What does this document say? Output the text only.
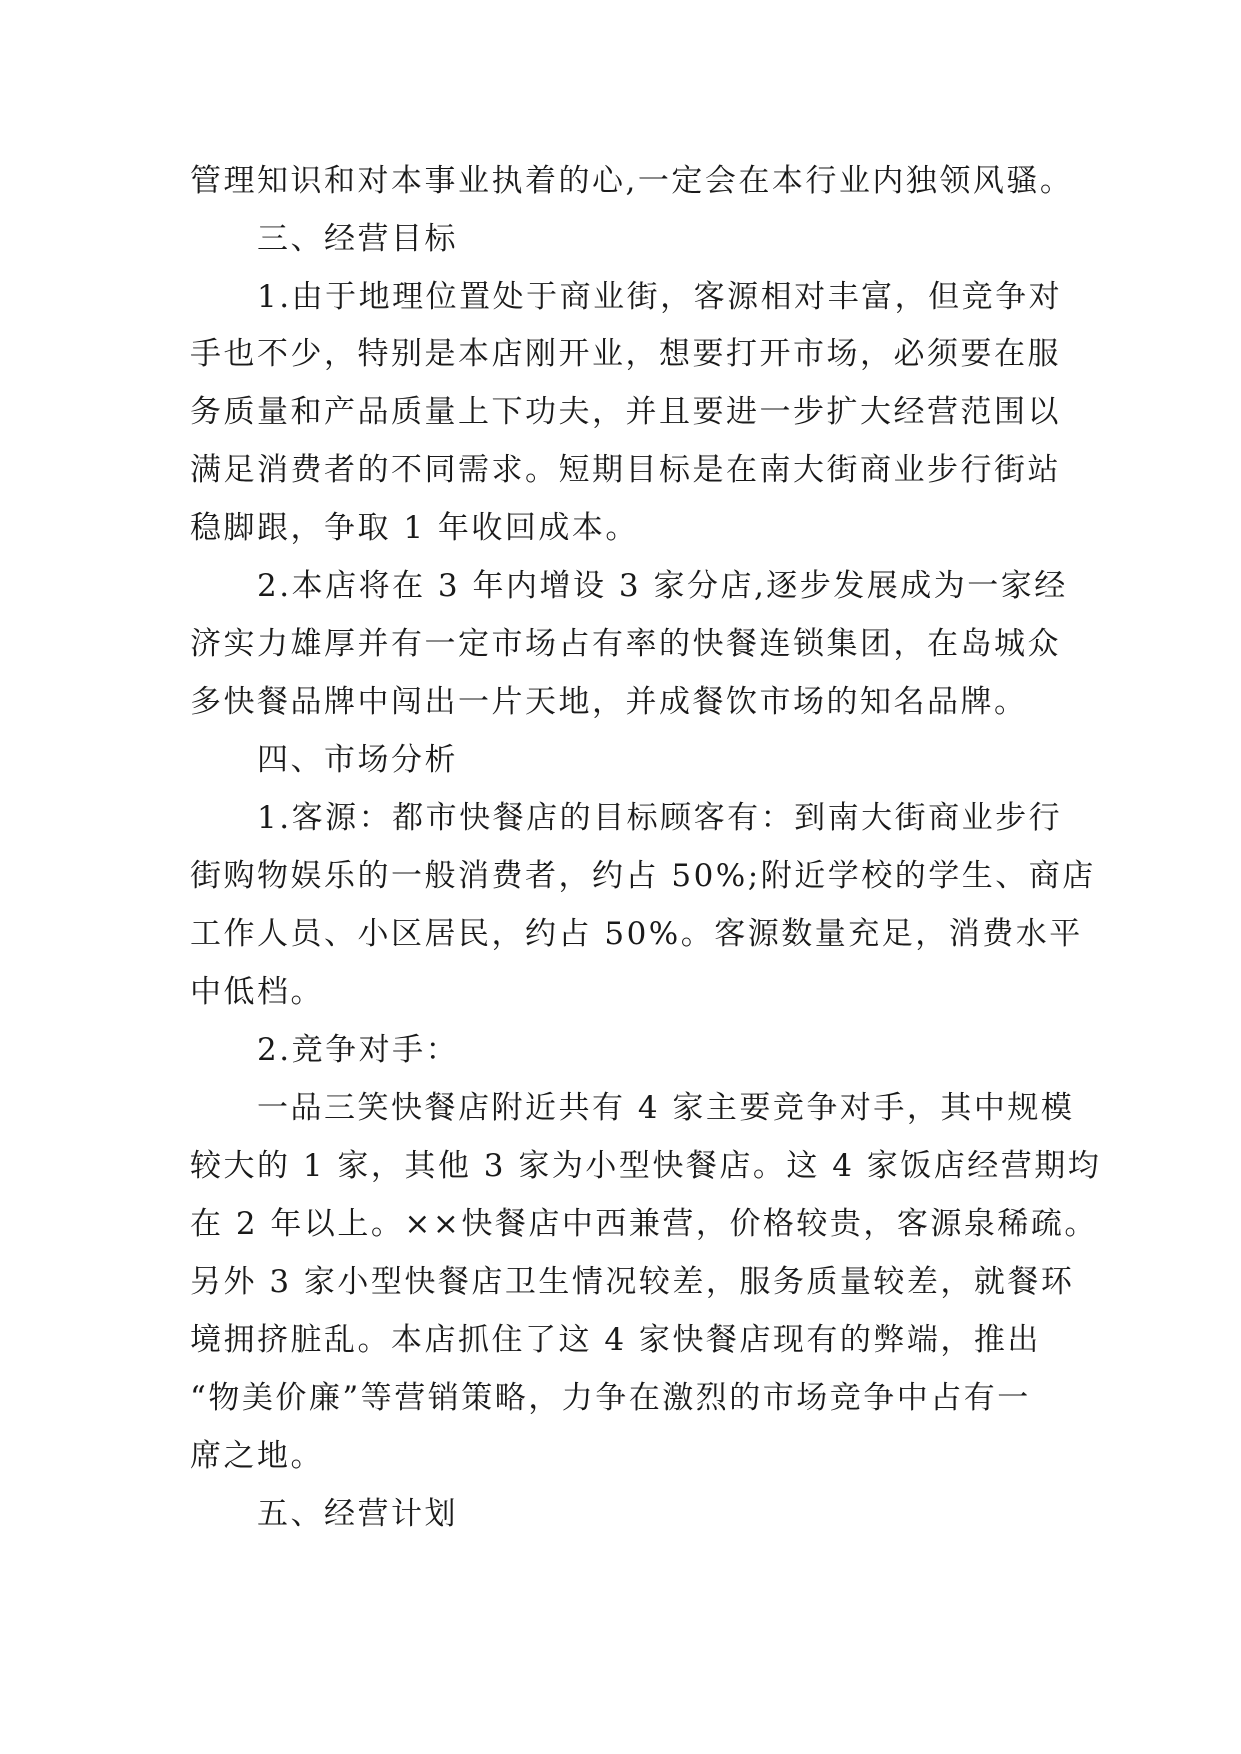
管理知识和对本事业执着的心,一定会在本行业内独领风骚。
三、经营目标
1.由于地理位置处于商业街，客源相对丰富，但竞争对
手也不少，特别是本店刚开业，想要打开市场，必须要在服
务质量和产品质量上下功夫，并且要进一步扩大经营范围以
满足消费者的不同需求。短期目标是在南大街商业步行街站
稳脚跟，争取 1 年收回成本。
2.本店将在 3 年内增设 3 家分店,逐步发展成为一家经
济实力雄厚并有一定市场占有率的快餐连锁集团，在岛城众
多快餐品牌中闯出一片天地，并成餐饮市场的知名品牌。
四、市场分析
1.客源：都市快餐店的目标顾客有：到南大街商业步行
街购物娱乐的一般消费者，约占 50%;附近学校的学生、商店
工作人员、小区居民，约占 50%。客源数量充足，消费水平
中低档。
2.竞争对手：
一品三笑快餐店附近共有 4 家主要竞争对手，其中规模
较大的 1 家，其他 3 家为小型快餐店。这 4 家饭店经营期均
在 2 年以上。××快餐店中西兼营，价格较贵，客源泉稀疏。
另外 3 家小型快餐店卫生情况较差，服务质量较差，就餐环
境拥挤脏乱。本店抓住了这 4 家快餐店现有的弊端，推出
“物美价廉”等营销策略，力争在激烈的市场竞争中占有一
席之地。
五、经营计划
